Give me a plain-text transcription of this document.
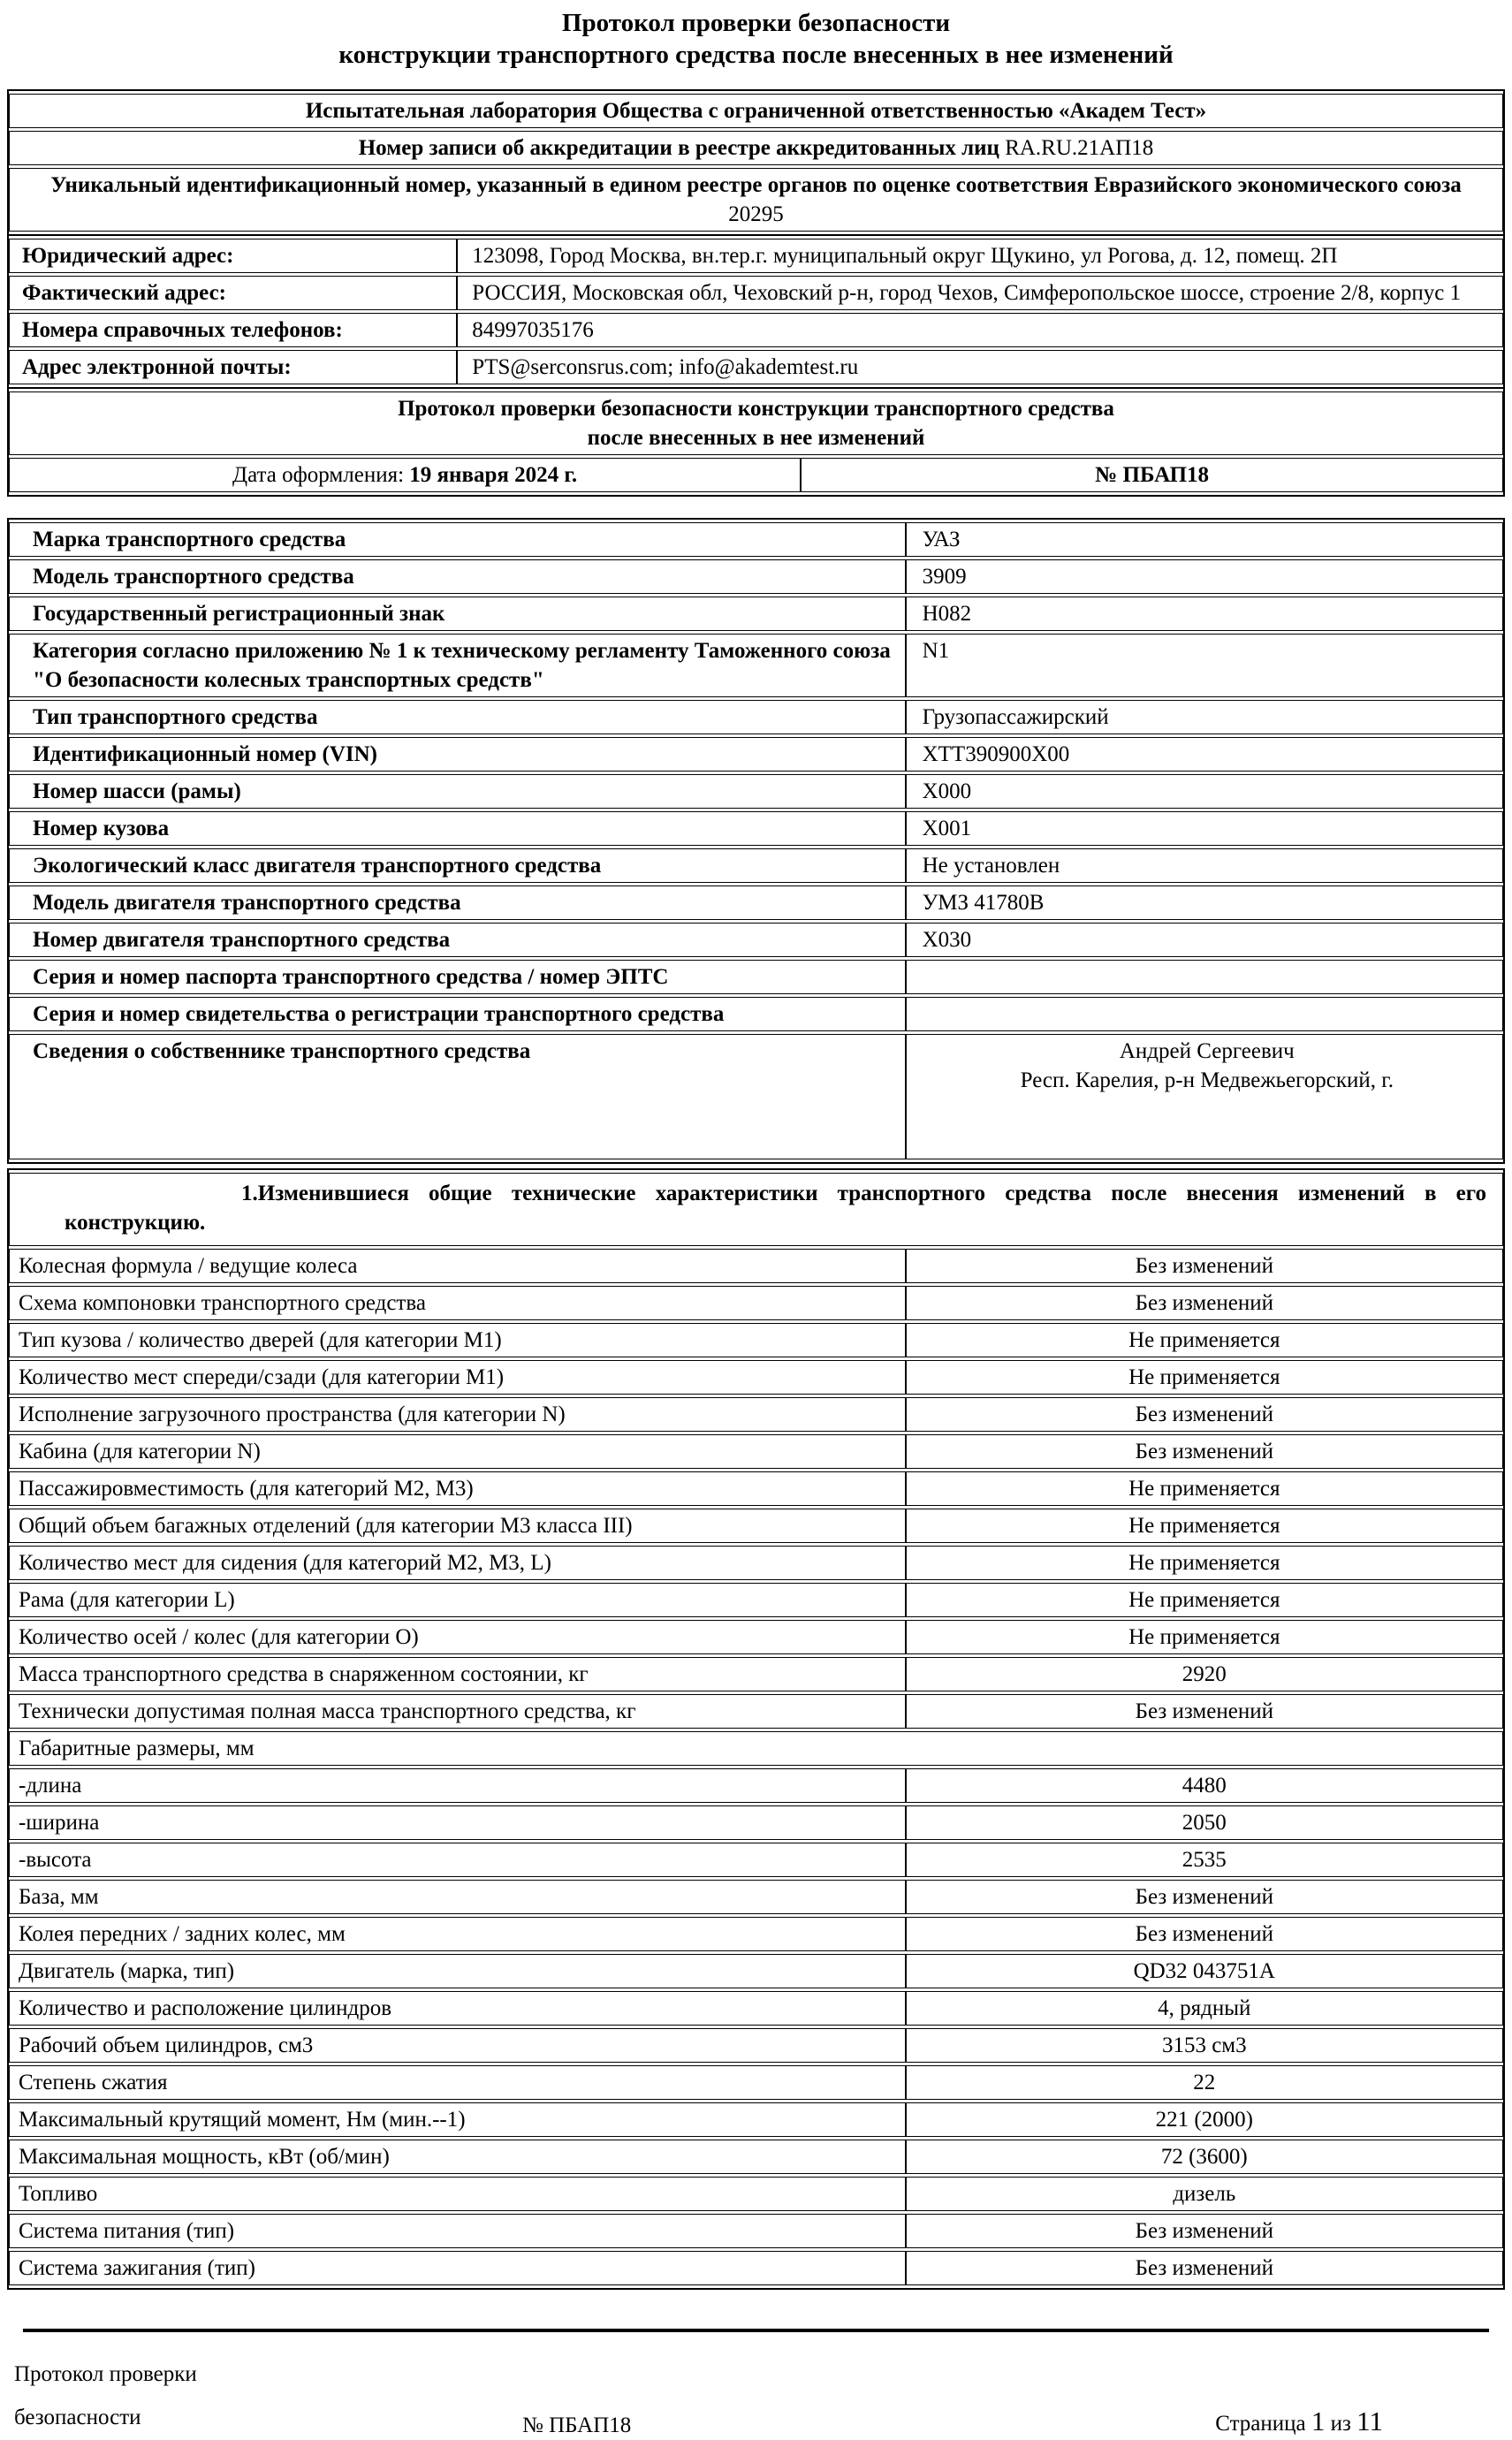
Протокол проверки безопасности
конструкции транспортного средства после внесенных в нее изменений
Испытательная лаборатория Общества с ограниченной ответственностью «Академ Тест»
Номер записи об аккредитации в реестре аккредитованных лиц RA.RU.21АП18
Уникальный идентификационный номер, указанный в едином реестре органов по оценке соответствия Евразийского экономического союза 20295
Юридический адрес:	123098, Город Москва, вн.тер.г. муниципальный округ Щукино, ул Рогова, д. 12, помещ. 2П
Фактический адрес:	РОССИЯ, Московская обл, Чеховский р-н, город Чехов, Симферопольское шоссе, строение 2/8, корпус 1
Номера справочных телефонов:	84997035176
Адрес электронной почты:	PTS@serconsrus.com; info@akademtest.ru
Протокол проверки безопасности конструкции транспортного средства
после внесенных в нее изменений

Дата оформления: 19 января 2024 г.	№ ПБАП18
Марка транспортного средства	УАЗ
Модель транспортного средства	3909
Государственный регистрационный знак	Н082
Категория согласно приложению № 1 к техническому регламенту Таможенного союза "О безопасности колесных транспортных средств"	N1
Тип транспортного средства	Грузопассажирский
Идентификационный номер (VIN)	XTT390900X00
Номер шасси (рамы)	X000
Номер кузова	X001
Экологический класс двигателя транспортного средства	Не установлен
Модель двигателя транспортного средства	УМЗ 41780B
Номер двигателя транспортного средства	X030
Серия и номер паспорта транспортного средства / номер ЭПТС	
Серия и номер свидетельства о регистрации транспортного средства	
Сведения о собственнике транспортного средства	Андрей Сергеевич
Респ. Карелия, р-н Медвежьегорский, г.
1.Изменившиеся общие технические характеристики транспортного средства после внесения изменений в его конструкцию.	
Колесная формула / ведущие колеса	Без изменений
Схема компоновки транспортного средства	Без изменений
Тип кузова / количество дверей (для категории M1)	Не применяется
Количество мест спереди/сзади (для категории M1)	Не применяется
Исполнение загрузочного пространства (для категории N)	Без изменений
Кабина (для категории N)	Без изменений
Пассажировместимость (для категорий M2, M3)	Не применяется
Общий объем багажных отделений (для категории M3 класса III)	Не применяется
Количество мест для сидения (для категорий M2, M3, L)	Не применяется
Рама (для категории L)	Не применяется
Количество осей / колес (для категории O)	Не применяется
Масса транспортного средства в снаряженном состоянии, кг	2920
Технически допустимая полная масса транспортного средства, кг	Без изменений
Габаритные размеры, мм	
-длина	4480
-ширина	2050
-высота	2535
База, мм	Без изменений
Колея передних / задних колес, мм	Без изменений
Двигатель (марка, тип)	QD32 043751A
Количество и расположение цилиндров	4, рядный
Рабочий объем цилиндров, см3	3153 см3
Степень сжатия	22
Максимальный крутящий момент, Нм (мин.--1)	221 (2000)
Максимальная мощность, кВт (об/мин)	72 (3600)
Топливо	дизель
Система питания (тип)	Без изменений
Система зажигания (тип)	Без изменений
Протокол проверки безопасности	№ ПБАП18	Страница 1 из 11
